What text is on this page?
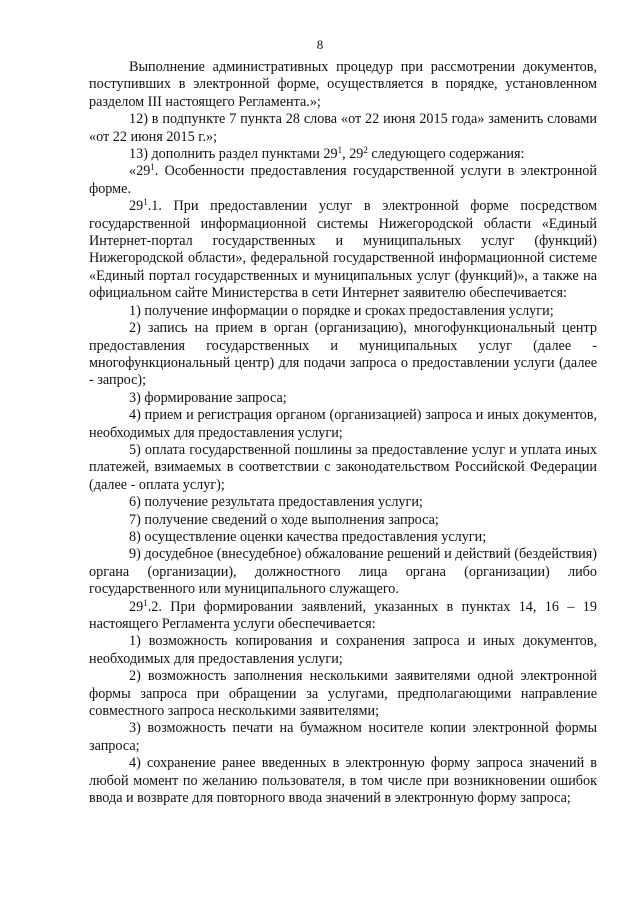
8

Выполнение административных процедур при рассмотрении документов, поступивших в электронной форме, осуществляется в порядке, установленном разделом III настоящего Регламента.»;

12) в подпункте 7 пункта 28 слова «от 22 июня 2015 года» заменить словами «от 22 июня 2015 г.»;

13) дополнить раздел пунктами $29^1$, $29^2$ следующего содержания:

«$29^1$. Особенности предоставления государственной услуги в электронной форме.

$29^1.1$. При предоставлении услуг в электронной форме посредством государственной информационной системы Нижегородской области «Единый Интернет-портал государственных и муниципальных услуг (функций) Нижегородской области», федеральной государственной информационной системе «Единый портал государственных и муниципальных услуг (функций)», а также на официальном сайте Министерства в сети Интернет заявителю обеспечивается:

1) получение информации о порядке и сроках предоставления услуги;

2) запись на прием в орган (организацию), многофункциональный центр предоставления государственных и муниципальных услуг (далее - многофункциональный центр) для подачи запроса о предоставлении услуги (далее - запрос);

3) формирование запроса;

4) прием и регистрация органом (организацией) запроса и иных документов, необходимых для предоставления услуги;

5) оплата государственной пошлины за предоставление услуг и уплата иных платежей, взимаемых в соответствии с законодательством Российской Федерации (далее - оплата услуг);

6) получение результата предоставления услуги;

7) получение сведений о ходе выполнения запроса;

8) осуществление оценки качества предоставления услуги;

9) досудебное (внесудебное) обжалование решений и действий (бездействия) органа (организации), должностного лица органа (организации) либо государственного или муниципального служащего.

$29^1.2$. При формировании заявлений, указанных в пунктах 14, 16 – 19 настоящего Регламента услуги обеспечивается:

1) возможность копирования и сохранения запроса и иных документов, необходимых для предоставления услуги;

2) возможность заполнения несколькими заявителями одной электронной формы запроса при обращении за услугами, предполагающими направление совместного запроса несколькими заявителями;

3) возможность печати на бумажном носителе копии электронной формы запроса;

4) сохранение ранее введенных в электронную форму запроса значений в любой момент по желанию пользователя, в том числе при возникновении ошибок ввода и возврате для повторного ввода значений в электронную форму запроса;
